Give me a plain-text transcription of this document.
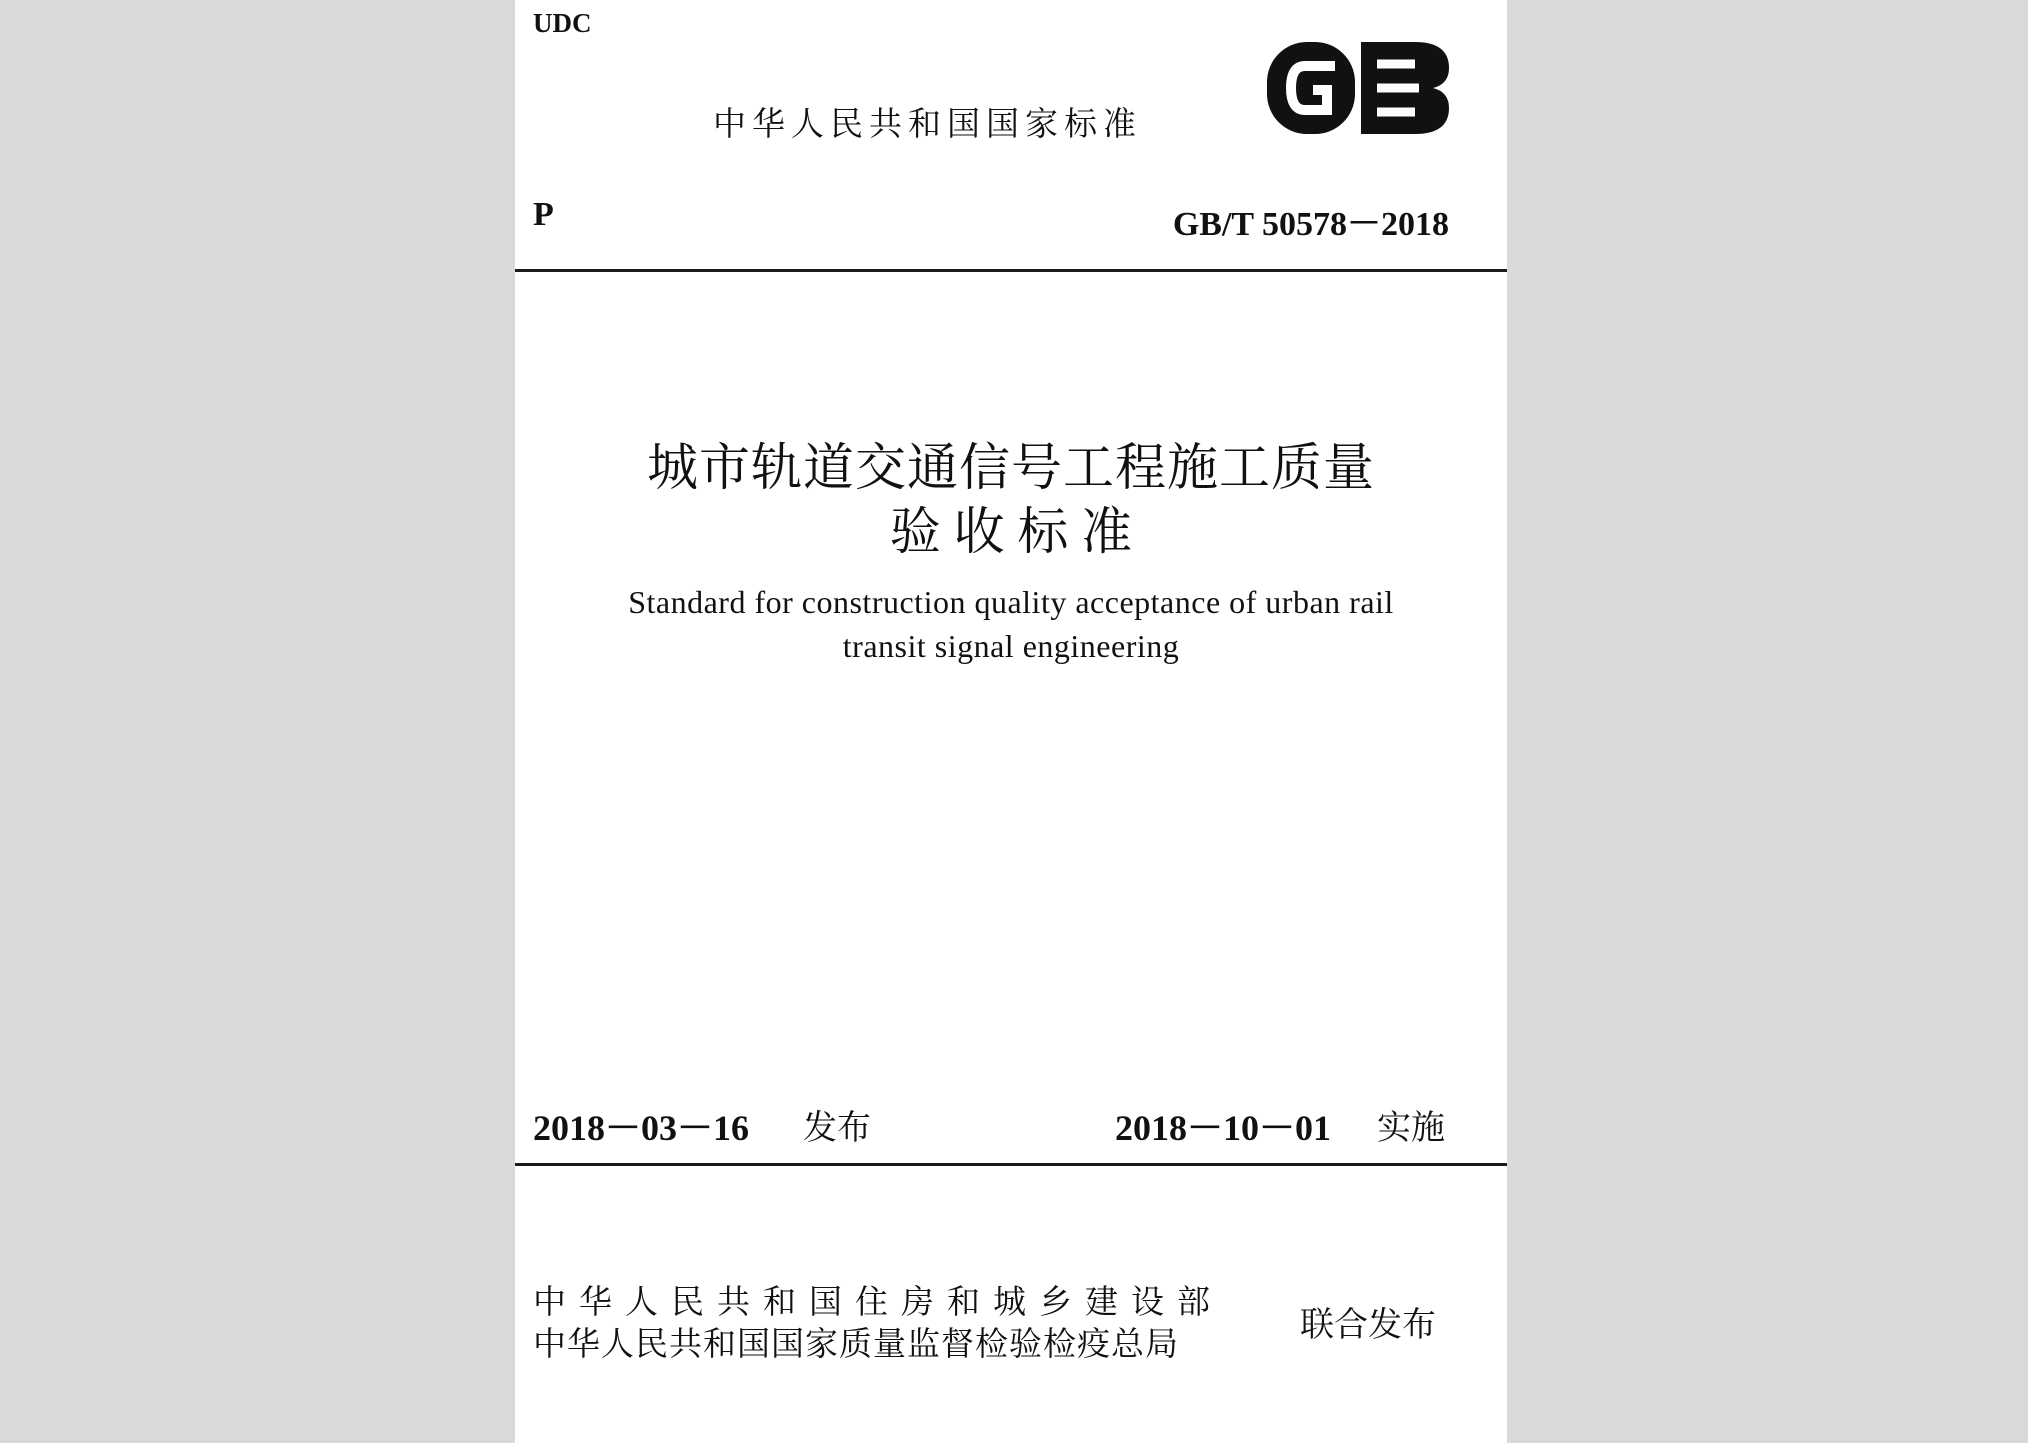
UDC
中华人民共和国国家标准
P	GB/T 50578－2018
城市轨道交通信号工程施工质量
验 收 标 准
Standard for construction quality acceptance of urban rail
transit signal engineering
2018－03－16 发布	2018－10－01 实施
中华人民共和国住房和城乡建设部
中华人民共和国国家质量监督检验检疫总局	联合发布
